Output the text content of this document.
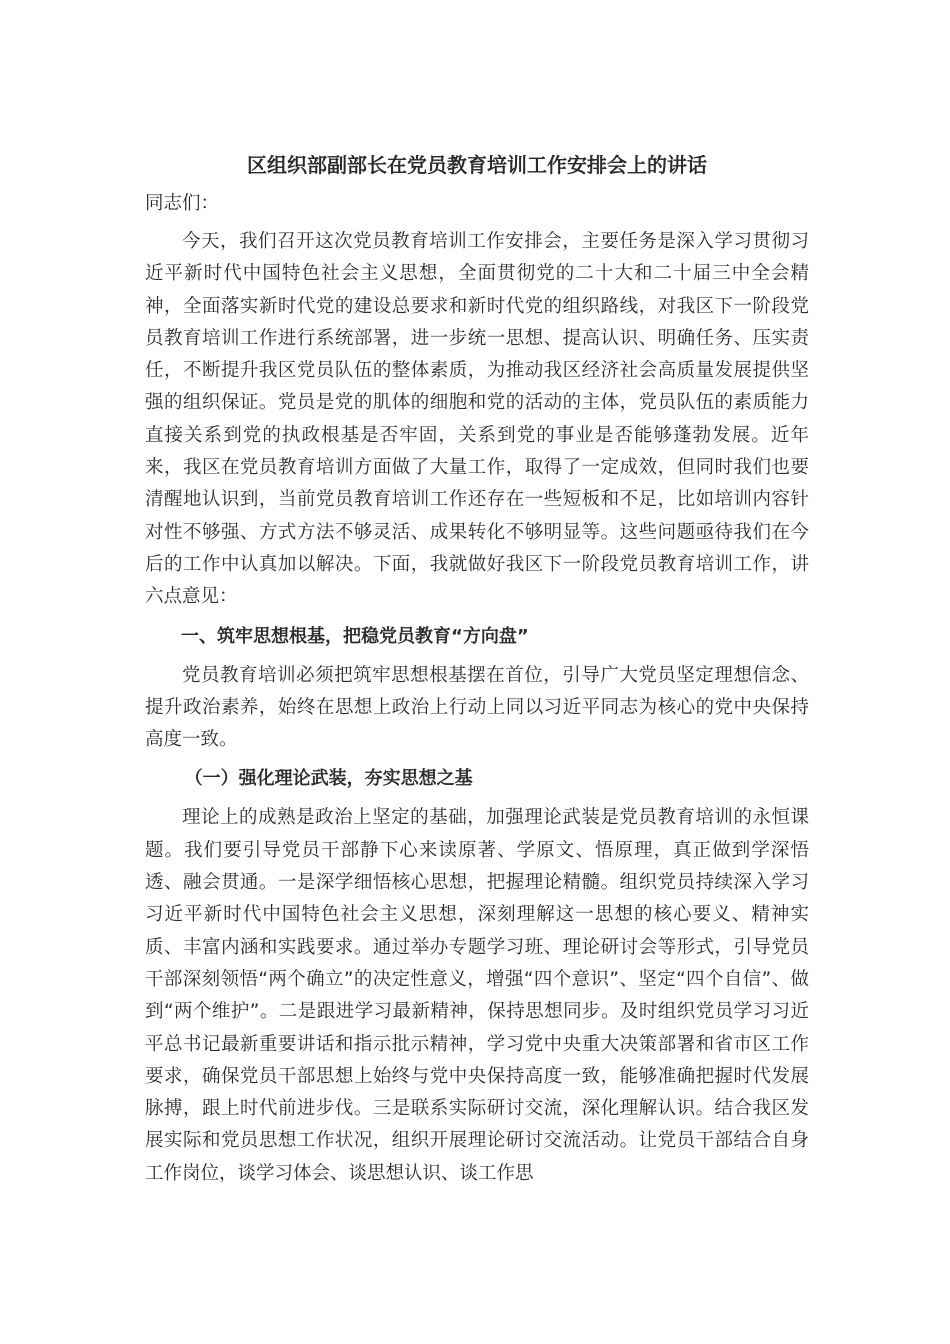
区组织部副部长在党员教育培训工作安排会上的讲话

同志们：

今天，我们召开这次党员教育培训工作安排会，主要任务是深入学习贯彻习近平新时代中国特色社会主义思想，全面贯彻党的二十大和二十届三中全会精神，全面落实新时代党的建设总要求和新时代党的组织路线，对我区下一阶段党员教育培训工作进行系统部署，进一步统一思想、提高认识、明确任务、压实责任，不断提升我区党员队伍的整体素质，为推动我区经济社会高质量发展提供坚强的组织保证。党员是党的肌体的细胞和党的活动的主体，党员队伍的素质能力直接关系到党的执政根基是否牢固，关系到党的事业是否能够蓬勃发展。近年来，我区在党员教育培训方面做了大量工作，取得了一定成效，但同时我们也要清醒地认识到，当前党员教育培训工作还存在一些短板和不足，比如培训内容针对性不够强、方式方法不够灵活、成果转化不够明显等。这些问题亟待我们在今后的工作中认真加以解决。下面，我就做好我区下一阶段党员教育培训工作，讲六点意见：

一、筑牢思想根基，把稳党员教育“方向盘”

党员教育培训必须把筑牢思想根基摆在首位，引导广大党员坚定理想信念、提升政治素养，始终在思想上政治上行动上同以习近平同志为核心的党中央保持高度一致。

（一）强化理论武装，夯实思想之基

理论上的成熟是政治上坚定的基础，加强理论武装是党员教育培训的永恒课题。我们要引导党员干部静下心来读原著、学原文、悟原理，真正做到学深悟透、融会贯通。一是深学细悟核心思想，把握理论精髓。组织党员持续深入学习习近平新时代中国特色社会主义思想，深刻理解这一思想的核心要义、精神实质、丰富内涵和实践要求。通过举办专题学习班、理论研讨会等形式，引导党员干部深刻领悟“两个确立”的决定性意义，增强“四个意识”、坚定“四个自信”、做到“两个维护”。二是跟进学习最新精神，保持思想同步。及时组织党员学习习近平总书记最新重要讲话和指示批示精神，学习党中央重大决策部署和省市区工作要求，确保党员干部思想上始终与党中央保持高度一致，能够准确把握时代发展脉搏，跟上时代前进步伐。三是联系实际研讨交流，深化理解认识。结合我区发展实际和党员思想工作状况，组织开展理论研讨交流活动。让党员干部结合自身工作岗位，谈学习体会、谈思想认识、谈工作思
